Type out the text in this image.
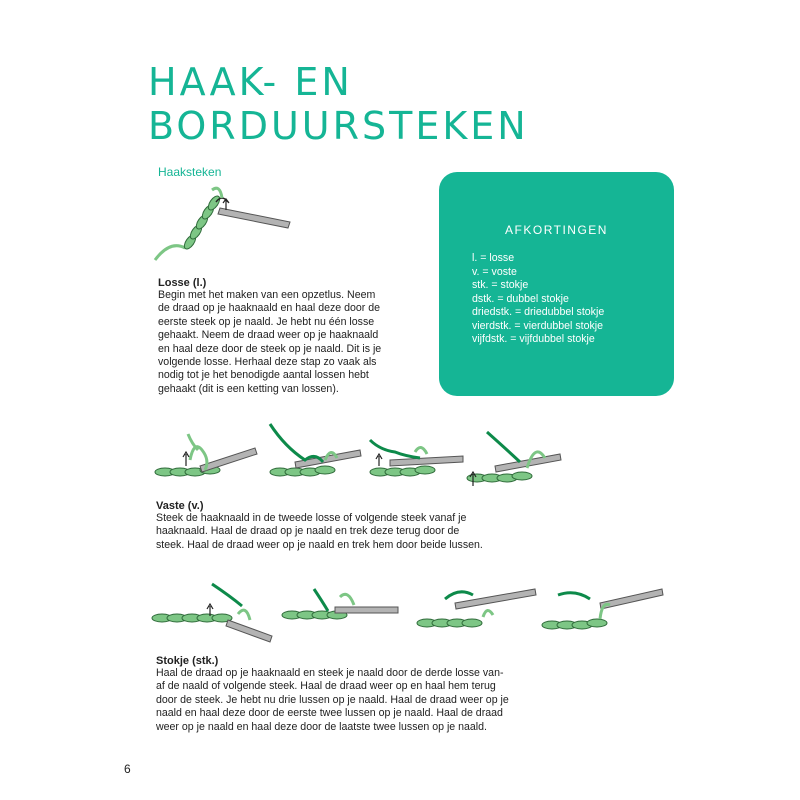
HAAK- EN
BORDUURSTEKEN
Haaksteken
Losse (l.)
Begin met het maken van een opzetlus. Neem
de draad op je haaknaald en haal deze door de
eerste steek op je naald. Je hebt nu één losse
gehaakt. Neem de draad weer op je haaknaald
en haal deze door de steek op je naald. Dit is je
volgende losse. Herhaal deze stap zo vaak als
nodig tot je het benodigde aantal lossen hebt
gehaakt (dit is een ketting van lossen).
AFKORTINGEN
l. = losse
v. = voste
stk. = stokje
dstk. = dubbel stokje
driedstk. = driedubbel stokje
vierdstk. = vierdubbel stokje
vijfdstk. = vijfdubbel stokje
Vaste (v.)
Steek de haaknaald in de tweede losse of volgende steek vanaf je
haaknaald. Haal de draad op je naald en trek deze terug door de
steek. Haal de draad weer op je naald en trek hem door beide lussen.
Stokje (stk.)
Haal de draad op je haaknaald en steek je naald door de derde losse van-
af de naald of volgende steek. Haal de draad weer op en haal hem terug
door de steek. Je hebt nu drie lussen op je naald. Haal de draad weer op je
naald en haal deze door de eerste twee lussen op je naald. Haal de draad
weer op je naald en haal deze door de laatste twee lussen op je naald.
6
